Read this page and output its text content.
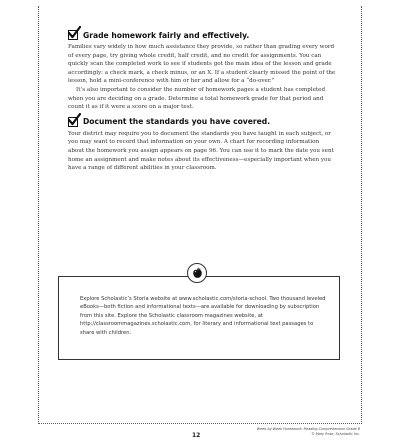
Grade homework fairly and effectively.

Families vary widely in how much assistance they provide, so rather than grading every word of every page, try giving whole credit, half credit, and no credit for assignments. You can quickly scan the completed work to see if students got the main idea of the lesson and grade accordingly: a check mark, a check minus, or an X. If a student clearly missed the point of the lesson, hold a mini-conference with him or her and allow for a “do-over.”

It’s also important to consider the number of homework pages a student has completed when you are deciding on a grade. Determine a total homework grade for that period and count it as if it were a score on a major test.

Document the standards you have covered.

Your district may require you to document the standards you have taught in each subject, or you may want to record that information on your own. A chart for recording information about the homework you assign appears on page 96. You can use it to mark the date you sent home an assignment and make notes about its effectiveness—especially important when you have a range of different abilities in your classroom.

Explore Scholastic’s Storia website at www.scholastic.com/storia-school. Two thousand leveled eBooks—both fiction and informational texts—are available for downloading by subscription from this site. Explore the Scholastic classroom magazines website, at http://classroommagazines.scholastic.com, for literary and informational text passages to share with children.

12
Week-by-Week Homework: Reading Comprehension Grade 6
© Mary Rose, Scholastic Inc.
